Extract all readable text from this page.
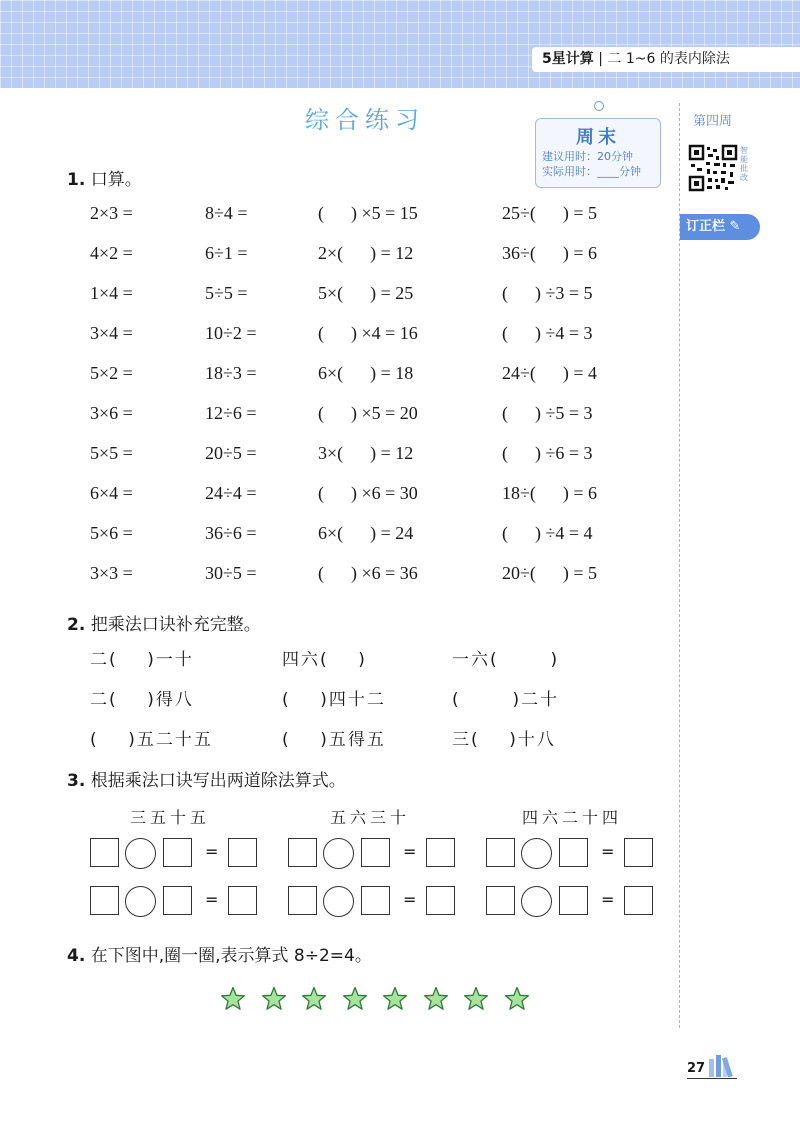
5星计算 | 二 1~6 的表内除法
综合练习
周末
建议用时：20分钟
实际用时：____分钟
第四周
智能批改
订正栏 ✎
1. 口算。
2×3 =	8÷4 =	(      ) ×5 = 15	25÷(      ) = 5
4×2 =	6÷1 =	2×(      ) = 12	36÷(      ) = 6
1×4 =	5÷5 =	5×(      ) = 25	(      ) ÷3 = 5
3×4 =	10÷2 =	(      ) ×4 = 16	(      ) ÷4 = 3
5×2 =	18÷3 =	6×(      ) = 18	24÷(      ) = 4
3×6 =	12÷6 =	(      ) ×5 = 20	(      ) ÷5 = 3
5×5 =	20÷5 =	3×(      ) = 12	(      ) ÷6 = 3
6×4 =	24÷4 =	(      ) ×6 = 30	18÷(      ) = 6
5×6 =	36÷6 =	6×(      ) = 24	(      ) ÷4 = 4
3×3 =	30÷5 =	(      ) ×6 = 36	20÷(      ) = 5
2. 把乘法口诀补充完整。
二(    )一十	四六(    )	一六(       )
二(    )得八	(    )四十二	(       )二十
(    )五二十五	(    )五得五	三(    )十八
3. 根据乘法口诀写出两道除法算式。
三五十五
=
=
五六三十
=
=
四六二十四
=
=
4. 在下图中,圈一圈,表示算式 8÷2=4。
27
